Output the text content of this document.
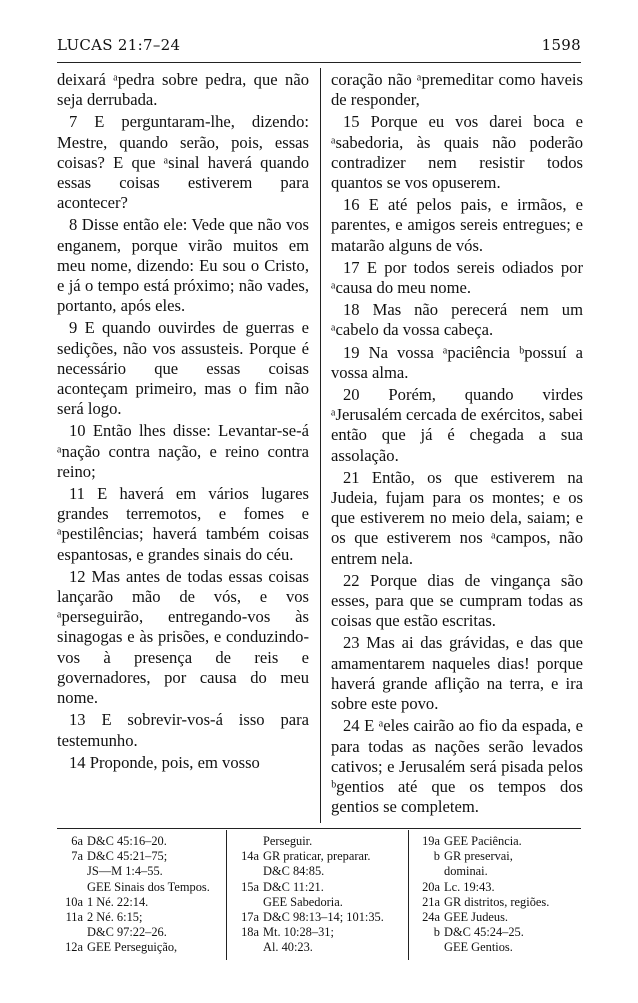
LUCAS 21:7–24	1598

deixará ᵃpedra sobre pedra, que não seja derrubada.

7 E perguntaram-lhe, dizendo: Mestre, quando serão, pois, essas coisas? E que ᵃsinal haverá quando essas coisas estiverem para acontecer?

8 Disse então ele: Vede que não vos enganem, porque virão muitos em meu nome, dizendo: Eu sou o Cristo, e já o tempo está próximo; não vades, portanto, após eles.

9 E quando ouvirdes de guerras e sedições, não vos assusteis. Porque é necessário que essas coisas aconteçam primeiro, mas o fim não será logo.

10 Então lhes disse: Levantar-se-á ᵃnação contra nação, e reino contra reino;

11 E haverá em vários lugares grandes terremotos, e fomes e ᵃpestilências; haverá também coisas espantosas, e grandes sinais do céu.

12 Mas antes de todas essas coisas lançarão mão de vós, e vos ᵃperseguirão, entregando-vos às sinagogas e às prisões, e conduzindo-vos à presença de reis e governadores, por causa do meu nome.

13 E sobrevir-vos-á isso para testemunho.

14 Proponde, pois, em vosso

coração não ᵃpremeditar como haveis de responder,

15 Porque eu vos darei boca e ᵃsabedoria, às quais não poderão contradizer nem resistir todos quantos se vos opuserem.

16 E até pelos pais, e irmãos, e parentes, e amigos sereis entregues; e matarão alguns de vós.

17 E por todos sereis odiados por ᵃcausa do meu nome.

18 Mas não perecerá nem um ᵃcabelo da vossa cabeça.

19 Na vossa ᵃpaciência ᵇpossuí a vossa alma.

20 Porém, quando virdes ᵃJerusalém cercada de exércitos, sabei então que já é chegada a sua assolação.

21 Então, os que estiverem na Judeia, fujam para os montes; e os que estiverem no meio dela, saiam; e os que estiverem nos ᵃcampos, não entrem nela.

22 Porque dias de vingança são esses, para que se cumpram todas as coisas que estão escritas.

23 Mas ai das grávidas, e das que amamentarem naqueles dias! porque haverá grande aflição na terra, e ira sobre este povo.

24 E ᵃeles cairão ao fio da espada, e para todas as nações serão levados cativos; e Jerusalém será pisada pelos ᵇgentios até que os tempos dos gentios se completem.

6a D&C 45:16–20.
7a D&C 45:21–75;
JS—M 1:4–55.
GEE Sinais dos Tempos.
10a 1 Né. 22:14.
11a 2 Né. 6:15;
D&C 97:22–26.
12a GEE Perseguição,
Perseguir.
14a GR praticar, preparar.
D&C 84:85.
15a D&C 11:21.
GEE Sabedoria.
17a D&C 98:13–14; 101:35.
18a Mt. 10:28–31;
Al. 40:23.
19a GEE Paciência.
b GR preservai,
dominai.
20a Lc. 19:43.
21a GR distritos, regiões.
24a GEE Judeus.
b D&C 45:24–25.
GEE Gentios.
